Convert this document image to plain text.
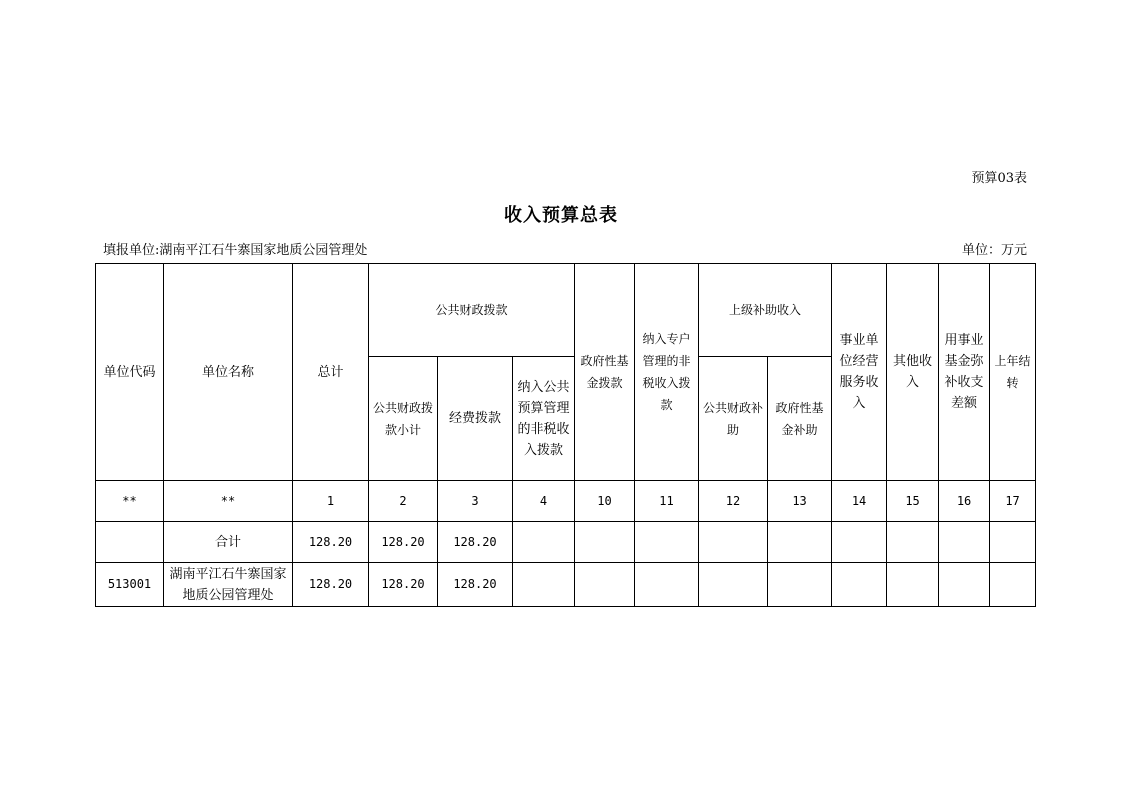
预算03表
收入预算总表
填报单位:湖南平江石牛寨国家地质公园管理处	单位：万元
单位代码	单位名称	总计	公共财政拨款			政府性基金拨款	纳入专户管理的非税收入拨款	上级补助收入		事业单位经营服务收入	其他收入	用事业基金弥补收支差额	上年结转
			公共财政拨款小计	经费拨款	纳入公共预算管理的非税收入拨款			公共财政补助	政府性基金补助				
**	**	1	2	3	4	10	11	12	13	14	15	16	17
	合计	128.20	128.20	128.20									
513001	湖南平江石牛寨国家地质公园管理处	128.20	128.20	128.20									
